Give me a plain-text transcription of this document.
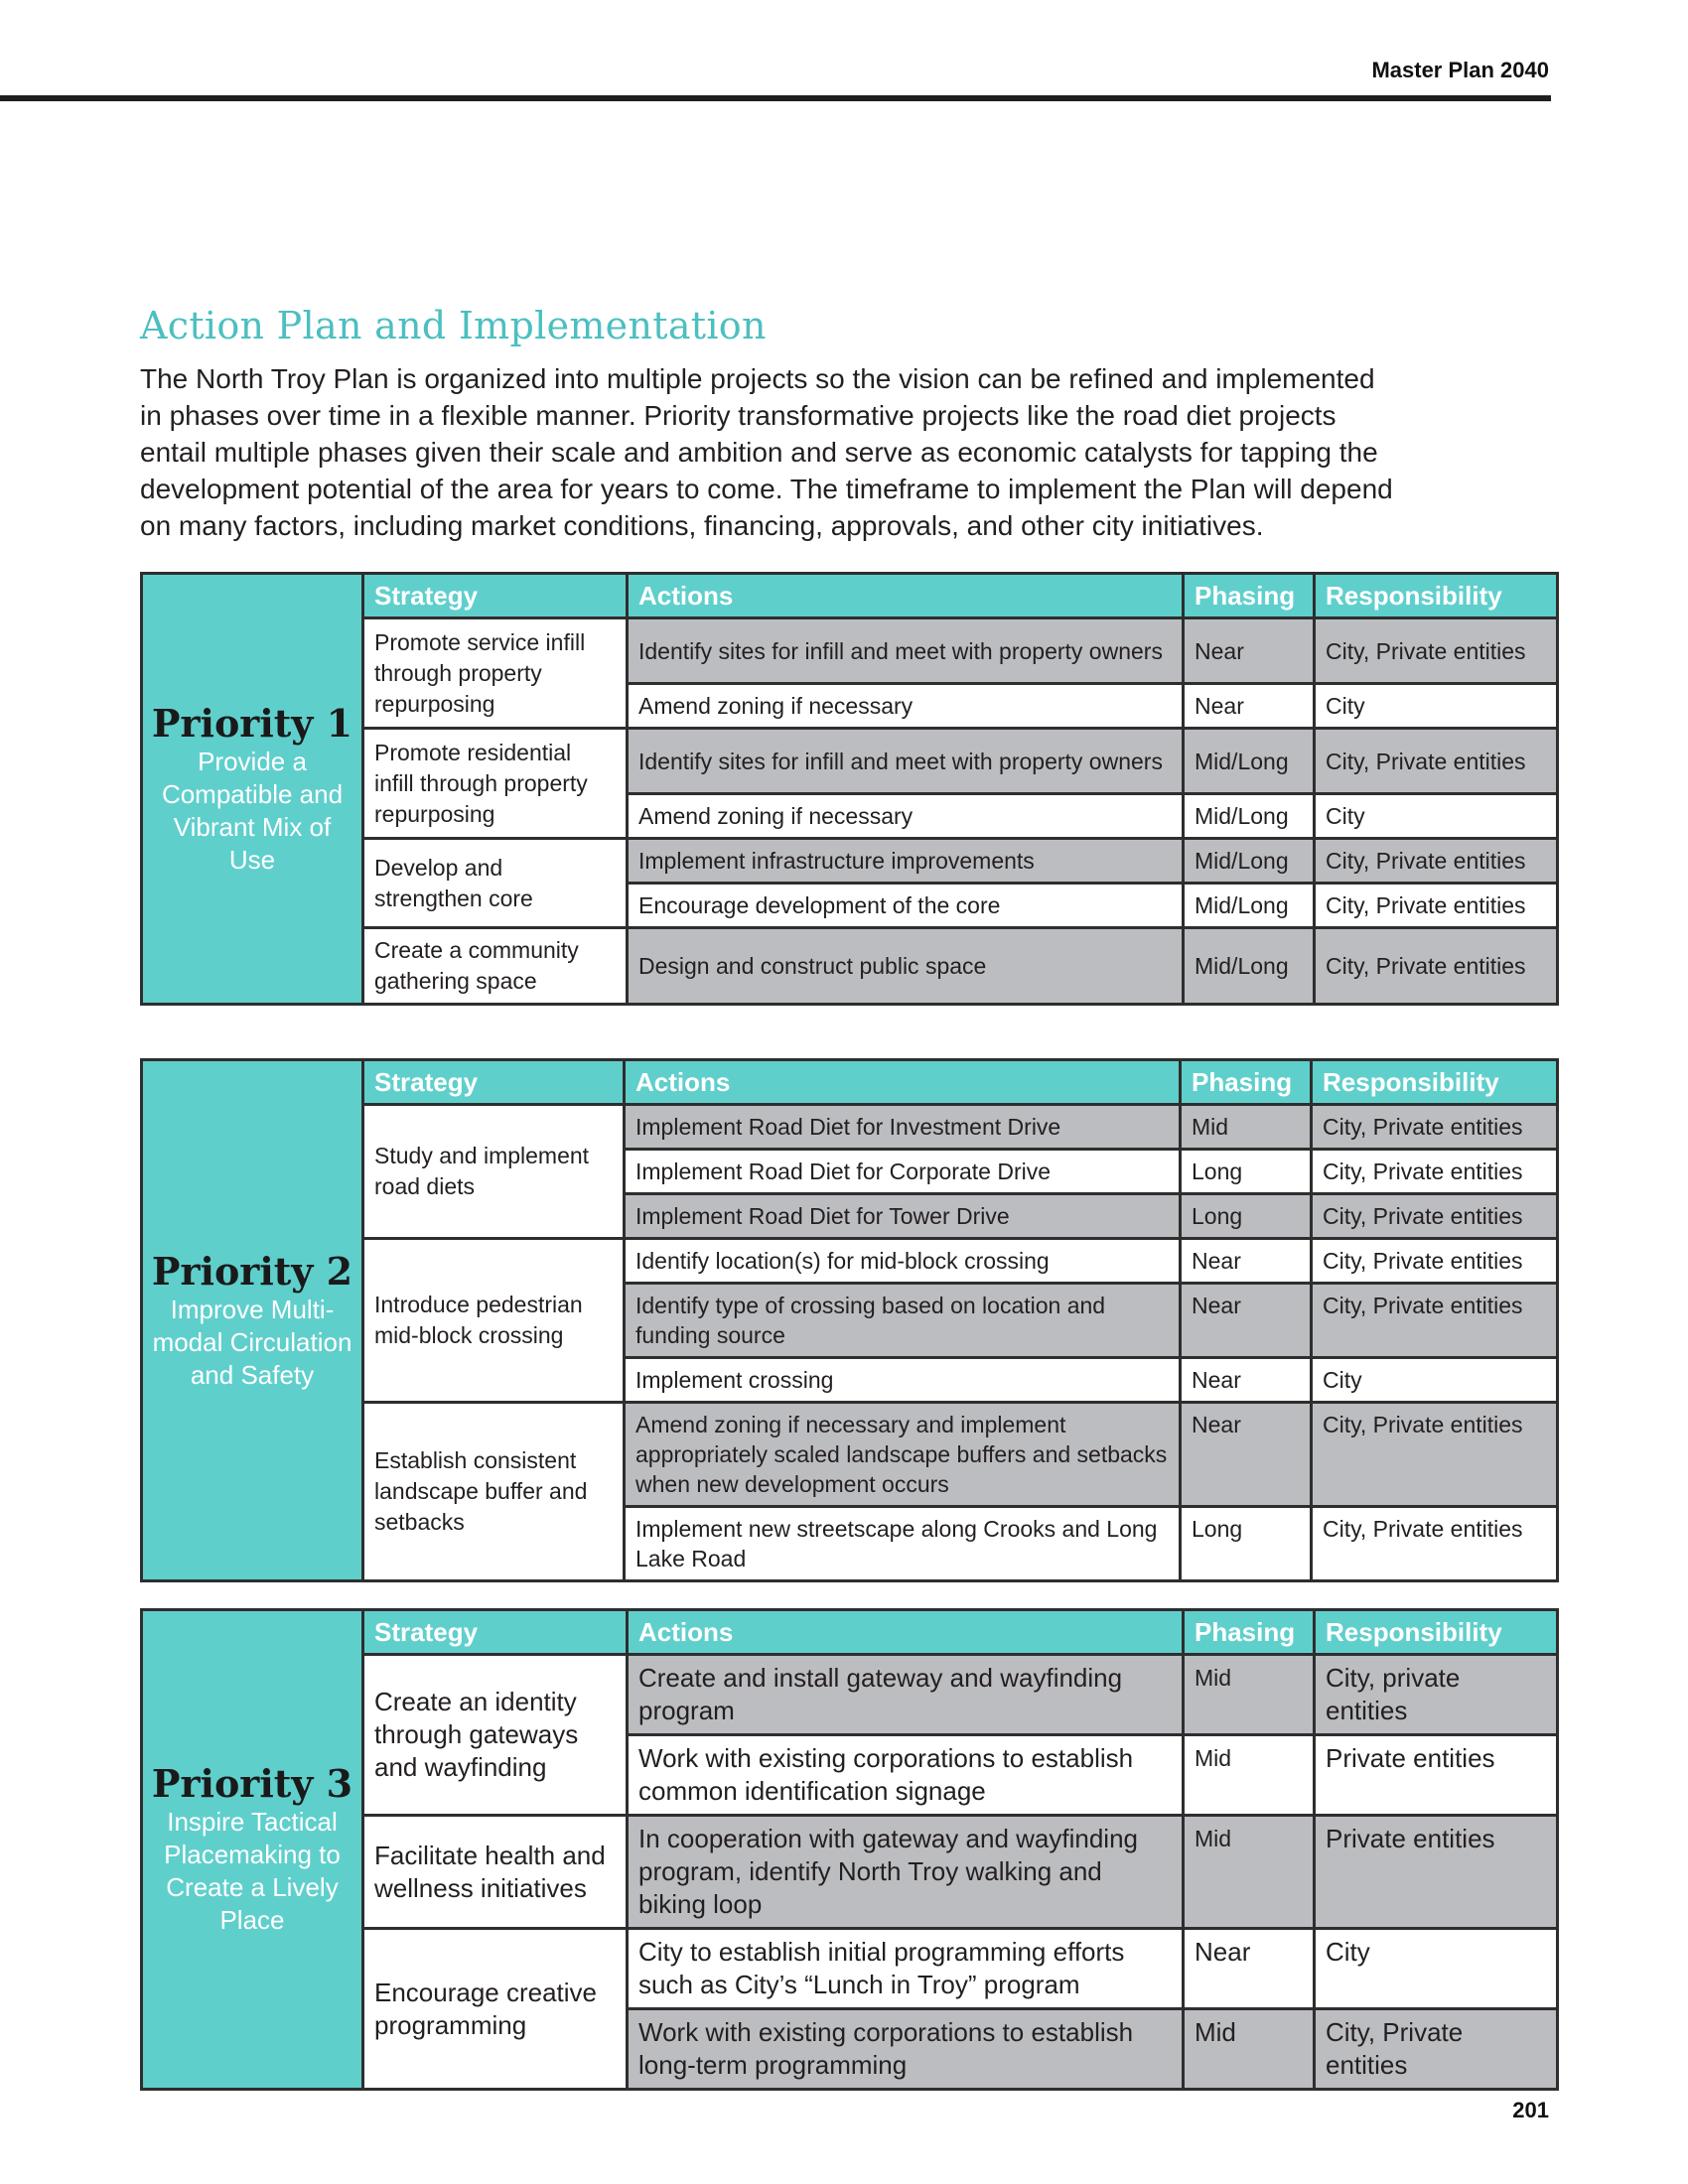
Master Plan 2040
Action Plan and Implementation

The North Troy Plan is organized into multiple projects so the vision can be refined and implemented
in phases over time in a flexible manner. Priority transformative projects like the road diet projects
entail multiple phases given their scale and ambition and serve as economic catalysts for tapping the
development potential of the area for years to come. The timeframe to implement the Plan will depend
on many factors, including market conditions, financing, approvals, and other city initiatives.

Priority 1
Provide a Compatible and Vibrant Mix of Use	Strategy	Actions	Phasing	Responsibility
	Promote service infill through property repurposing	Identify sites for infill and meet with property owners	Near	City, Private entities
		Amend zoning if necessary	Near	City
	Promote residential infill through property repurposing	Identify sites for infill and meet with property owners	Mid/Long	City, Private entities
		Amend zoning if necessary	Mid/Long	City
	Develop and strengthen core	Implement infrastructure improvements	Mid/Long	City, Private entities
		Encourage development of the core	Mid/Long	City, Private entities
	Create a community gathering space	Design and construct public space	Mid/Long	City, Private entities
Priority 2
Improve Multi-modal Circulation and Safety	Strategy	Actions	Phasing	Responsibility
	Study and implement road diets	Implement Road Diet for Investment Drive	Mid	City, Private entities
		Implement Road Diet for Corporate Drive	Long	City, Private entities
		Implement Road Diet for Tower Drive	Long	City, Private entities
	Introduce pedestrian mid-block crossing	Identify location(s) for mid-block crossing	Near	City, Private entities
		Identify type of crossing based on location and funding source	Near	City, Private entities
		Implement crossing	Near	City
	Establish consistent landscape buffer and setbacks	Amend zoning if necessary and implement appropriately scaled landscape buffers and setbacks when new development occurs	Near	City, Private entities
		Implement new streetscape along Crooks and Long Lake Road	Long	City, Private entities
Priority 3
Inspire Tactical Placemaking to Create a Lively Place	Strategy	Actions	Phasing	Responsibility
	Create an identity through gateways and wayfinding	Create and install gateway and wayfinding program	Mid	City, private entities
		Work with existing corporations to establish common identification signage	Mid	Private entities
	Facilitate health and wellness initiatives	In cooperation with gateway and wayfinding program, identify North Troy walking and biking loop	Mid	Private entities
	Encourage creative programming	City to establish initial programming efforts such as City’s “Lunch in Troy” program	Near	City
		Work with existing corporations to establish long-term programming	Mid	City, Private entities
201
